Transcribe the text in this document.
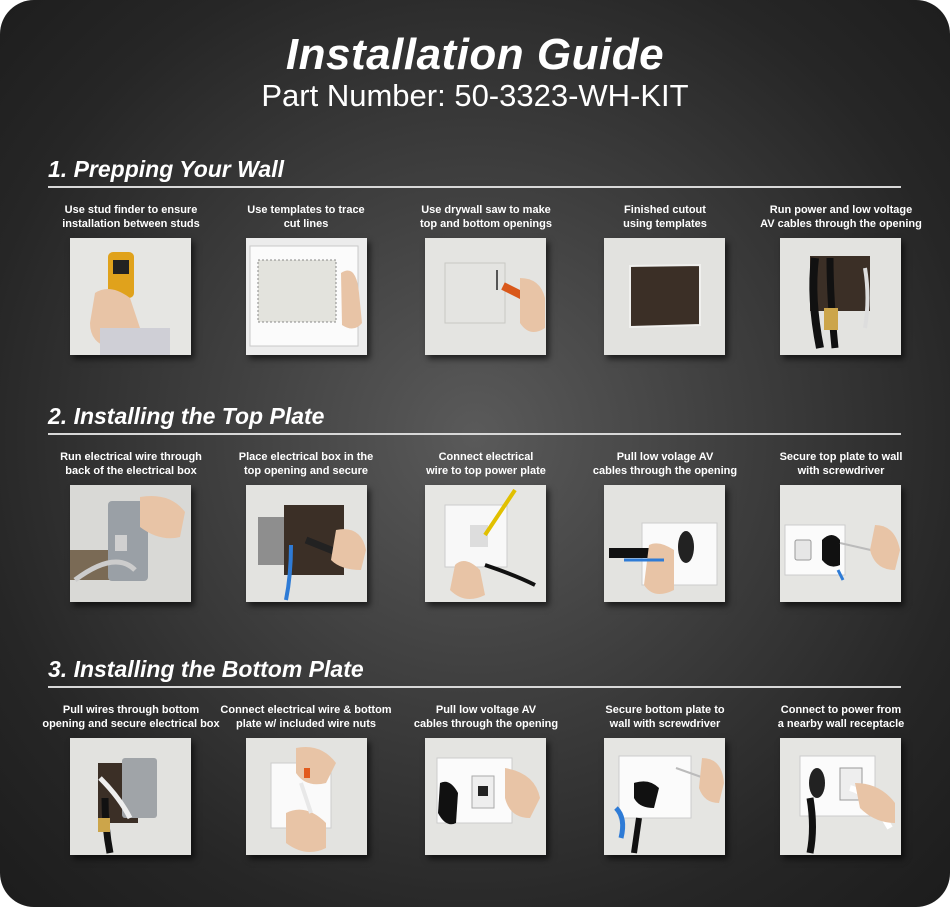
Installation Guide
Part Number: 50-3323-WH-KIT
1. Prepping Your Wall
Use stud finder to ensure
installation between studs
Use templates to trace
cut lines
Use drywall saw to make
top and bottom openings
Finished cutout
using templates
Run power and low voltage
AV cables through the opening
2. Installing the Top Plate
Run electrical wire through
back of the electrical box
Place electrical box in the
top opening and secure
Connect electrical
wire to top power plate
Pull low volage AV
cables through the opening
Secure top plate to wall
with screwdriver
3. Installing the Bottom Plate
Pull wires through bottom
opening and secure electrical box
Connect electrical wire & bottom
plate w/ included wire nuts
Pull low voltage AV
cables through the opening
Secure bottom plate to
wall with screwdriver
Connect to power from
a nearby wall receptacle
